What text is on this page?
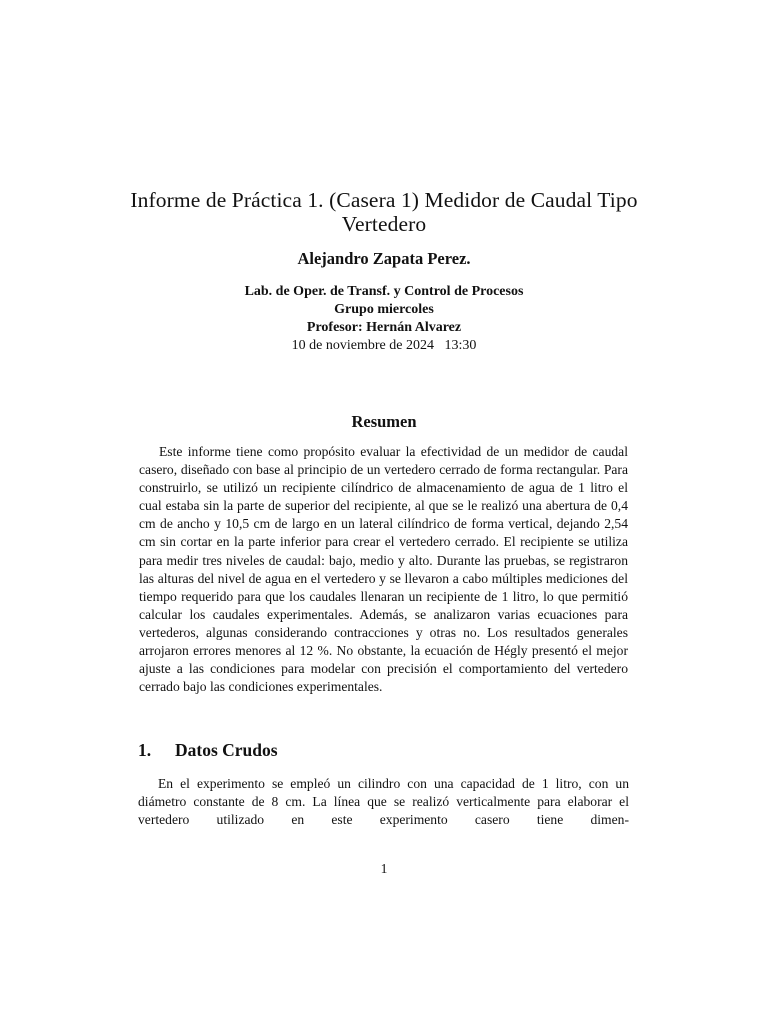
Informe de Práctica 1. (Casera 1) Medidor de Caudal Tipo Vertedero

Alejandro Zapata Perez.

Lab. de Oper. de Transf. y Control de Procesos
Grupo miercoles
Profesor: Hernán Alvarez
10 de noviembre de 2024   13:30
Resumen

Este informe tiene como propósito evaluar la efectividad de un medidor de caudal casero, diseñado con base al principio de un vertedero cerrado de forma rectangular. Para construirlo, se utilizó un recipiente cilíndrico de almacenamiento de agua de 1 litro el cual estaba sin la parte de superior del recipiente, al que se le realizó una abertura de 0,4 cm de ancho y 10,5 cm de largo en un lateral cilíndrico de forma vertical, dejando 2,54 cm sin cortar en la parte inferior para crear el vertedero cerrado. El recipiente se utiliza para medir tres niveles de caudal: bajo, medio y alto. Durante las pruebas, se registraron las alturas del nivel de agua en el vertedero y se llevaron a cabo múltiples mediciones del tiempo requerido para que los caudales llenaran un recipiente de 1 litro, lo que permitió calcular los caudales experimentales. Además, se analizaron varias ecuaciones para vertederos, algunas considerando contracciones y otras no. Los resultados generales arrojaron errores menores al 12 %. No obstante, la ecuación de Hégly presentó el mejor ajuste a las condiciones para modelar con precisión el comportamiento del vertedero cerrado bajo las condiciones experimentales.

1. Datos Crudos

En el experimento se empleó un cilindro con una capacidad de 1 litro, con un diámetro constante de 8 cm. La línea que se realizó verticalmente para elaborar el vertedero utilizado en este experimento casero tiene dimen-

1
